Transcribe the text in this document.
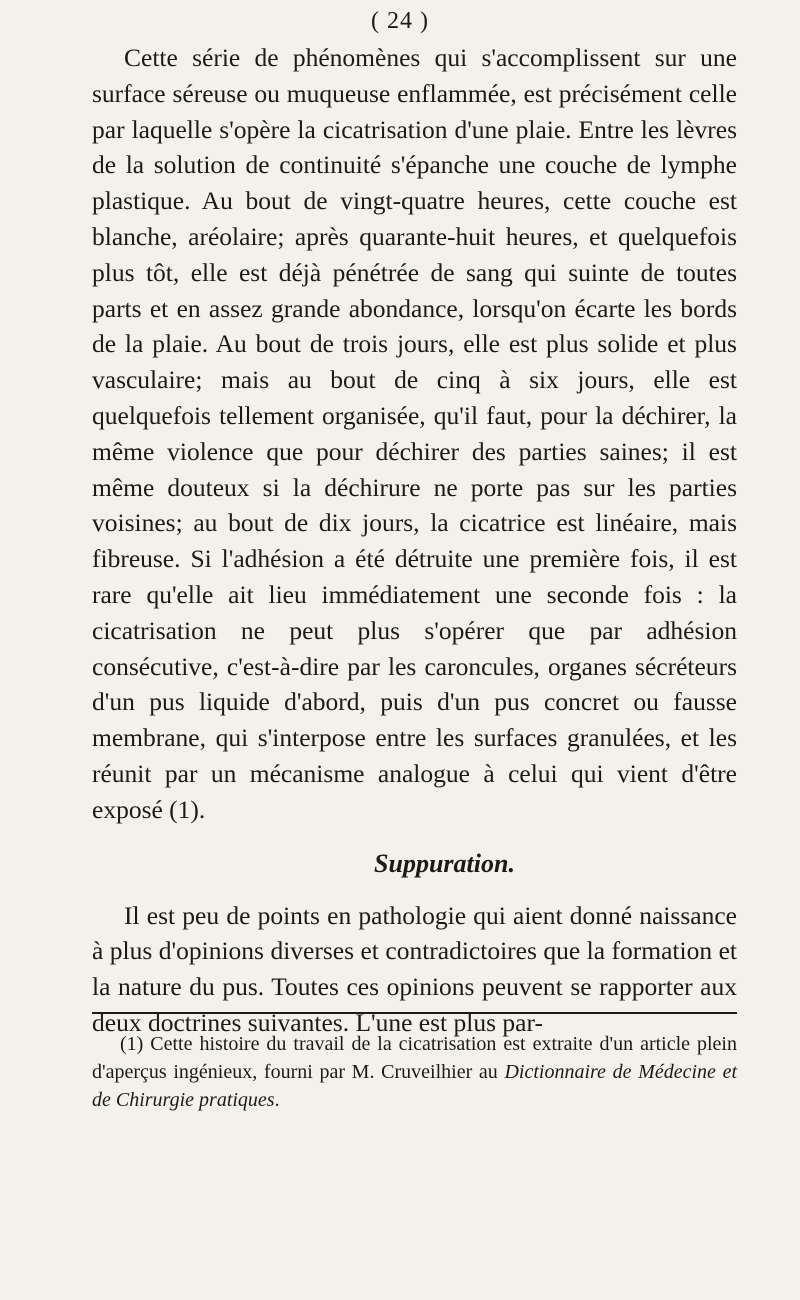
( 24 )

Cette série de phénomènes qui s'accomplissent sur une surface séreuse ou muqueuse enflammée, est précisément celle par laquelle s'opère la cicatrisation d'une plaie. Entre les lèvres de la solution de continuité s'épanche une couche de lymphe plastique. Au bout de vingt-quatre heures, cette couche est blanche, aréolaire; après quarante-huit heures, et quelquefois plus tôt, elle est déjà pénétrée de sang qui suinte de toutes parts et en assez grande abondance, lorsqu'on écarte les bords de la plaie. Au bout de trois jours, elle est plus solide et plus vasculaire; mais au bout de cinq à six jours, elle est quelquefois tellement organisée, qu'il faut, pour la déchirer, la même violence que pour déchirer des parties saines; il est même douteux si la déchirure ne porte pas sur les parties voisines; au bout de dix jours, la cicatrice est linéaire, mais fibreuse. Si l'adhésion a été détruite une première fois, il est rare qu'elle ait lieu immédiatement une seconde fois : la cicatrisation ne peut plus s'opérer que par adhésion consécutive, c'est-à-dire par les caroncules, organes sécréteurs d'un pus liquide d'abord, puis d'un pus concret ou fausse membrane, qui s'interpose entre les surfaces granulées, et les réunit par un mécanisme analogue à celui qui vient d'être exposé (1).

Suppuration.

Il est peu de points en pathologie qui aient donné naissance à plus d'opinions diverses et contradictoires que la formation et la nature du pus. Toutes ces opinions peuvent se rapporter aux deux doctrines suivantes. L'une est plus par-

(1) Cette histoire du travail de la cicatrisation est extraite d'un article plein d'aperçus ingénieux, fourni par M. Cruveilhier au Dictionnaire de Médecine et de Chirurgie pratiques.
